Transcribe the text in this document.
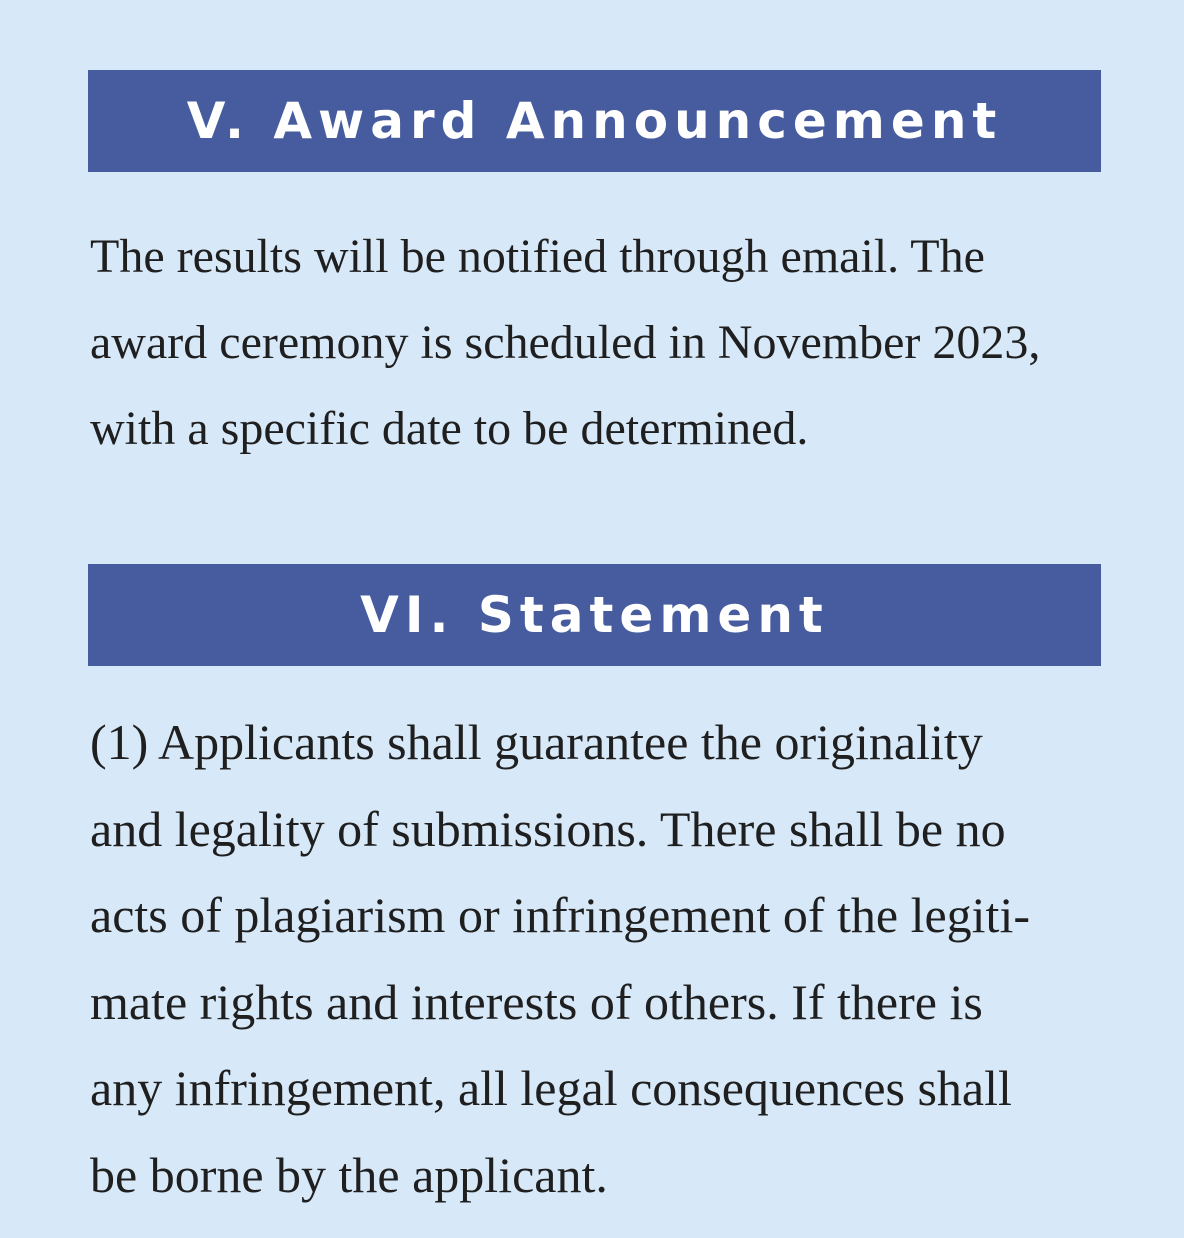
V. Award Announcement
The results will be notified through email. The
award ceremony is scheduled in November 2023,
with a specific date to be determined.
VI. Statement
(1) Applicants shall guarantee the originality
and legality of submissions. There shall be no
acts of plagiarism or infringement of the legiti-
mate rights and interests of others. If there is
any infringement, all legal consequences shall
be borne by the applicant.
